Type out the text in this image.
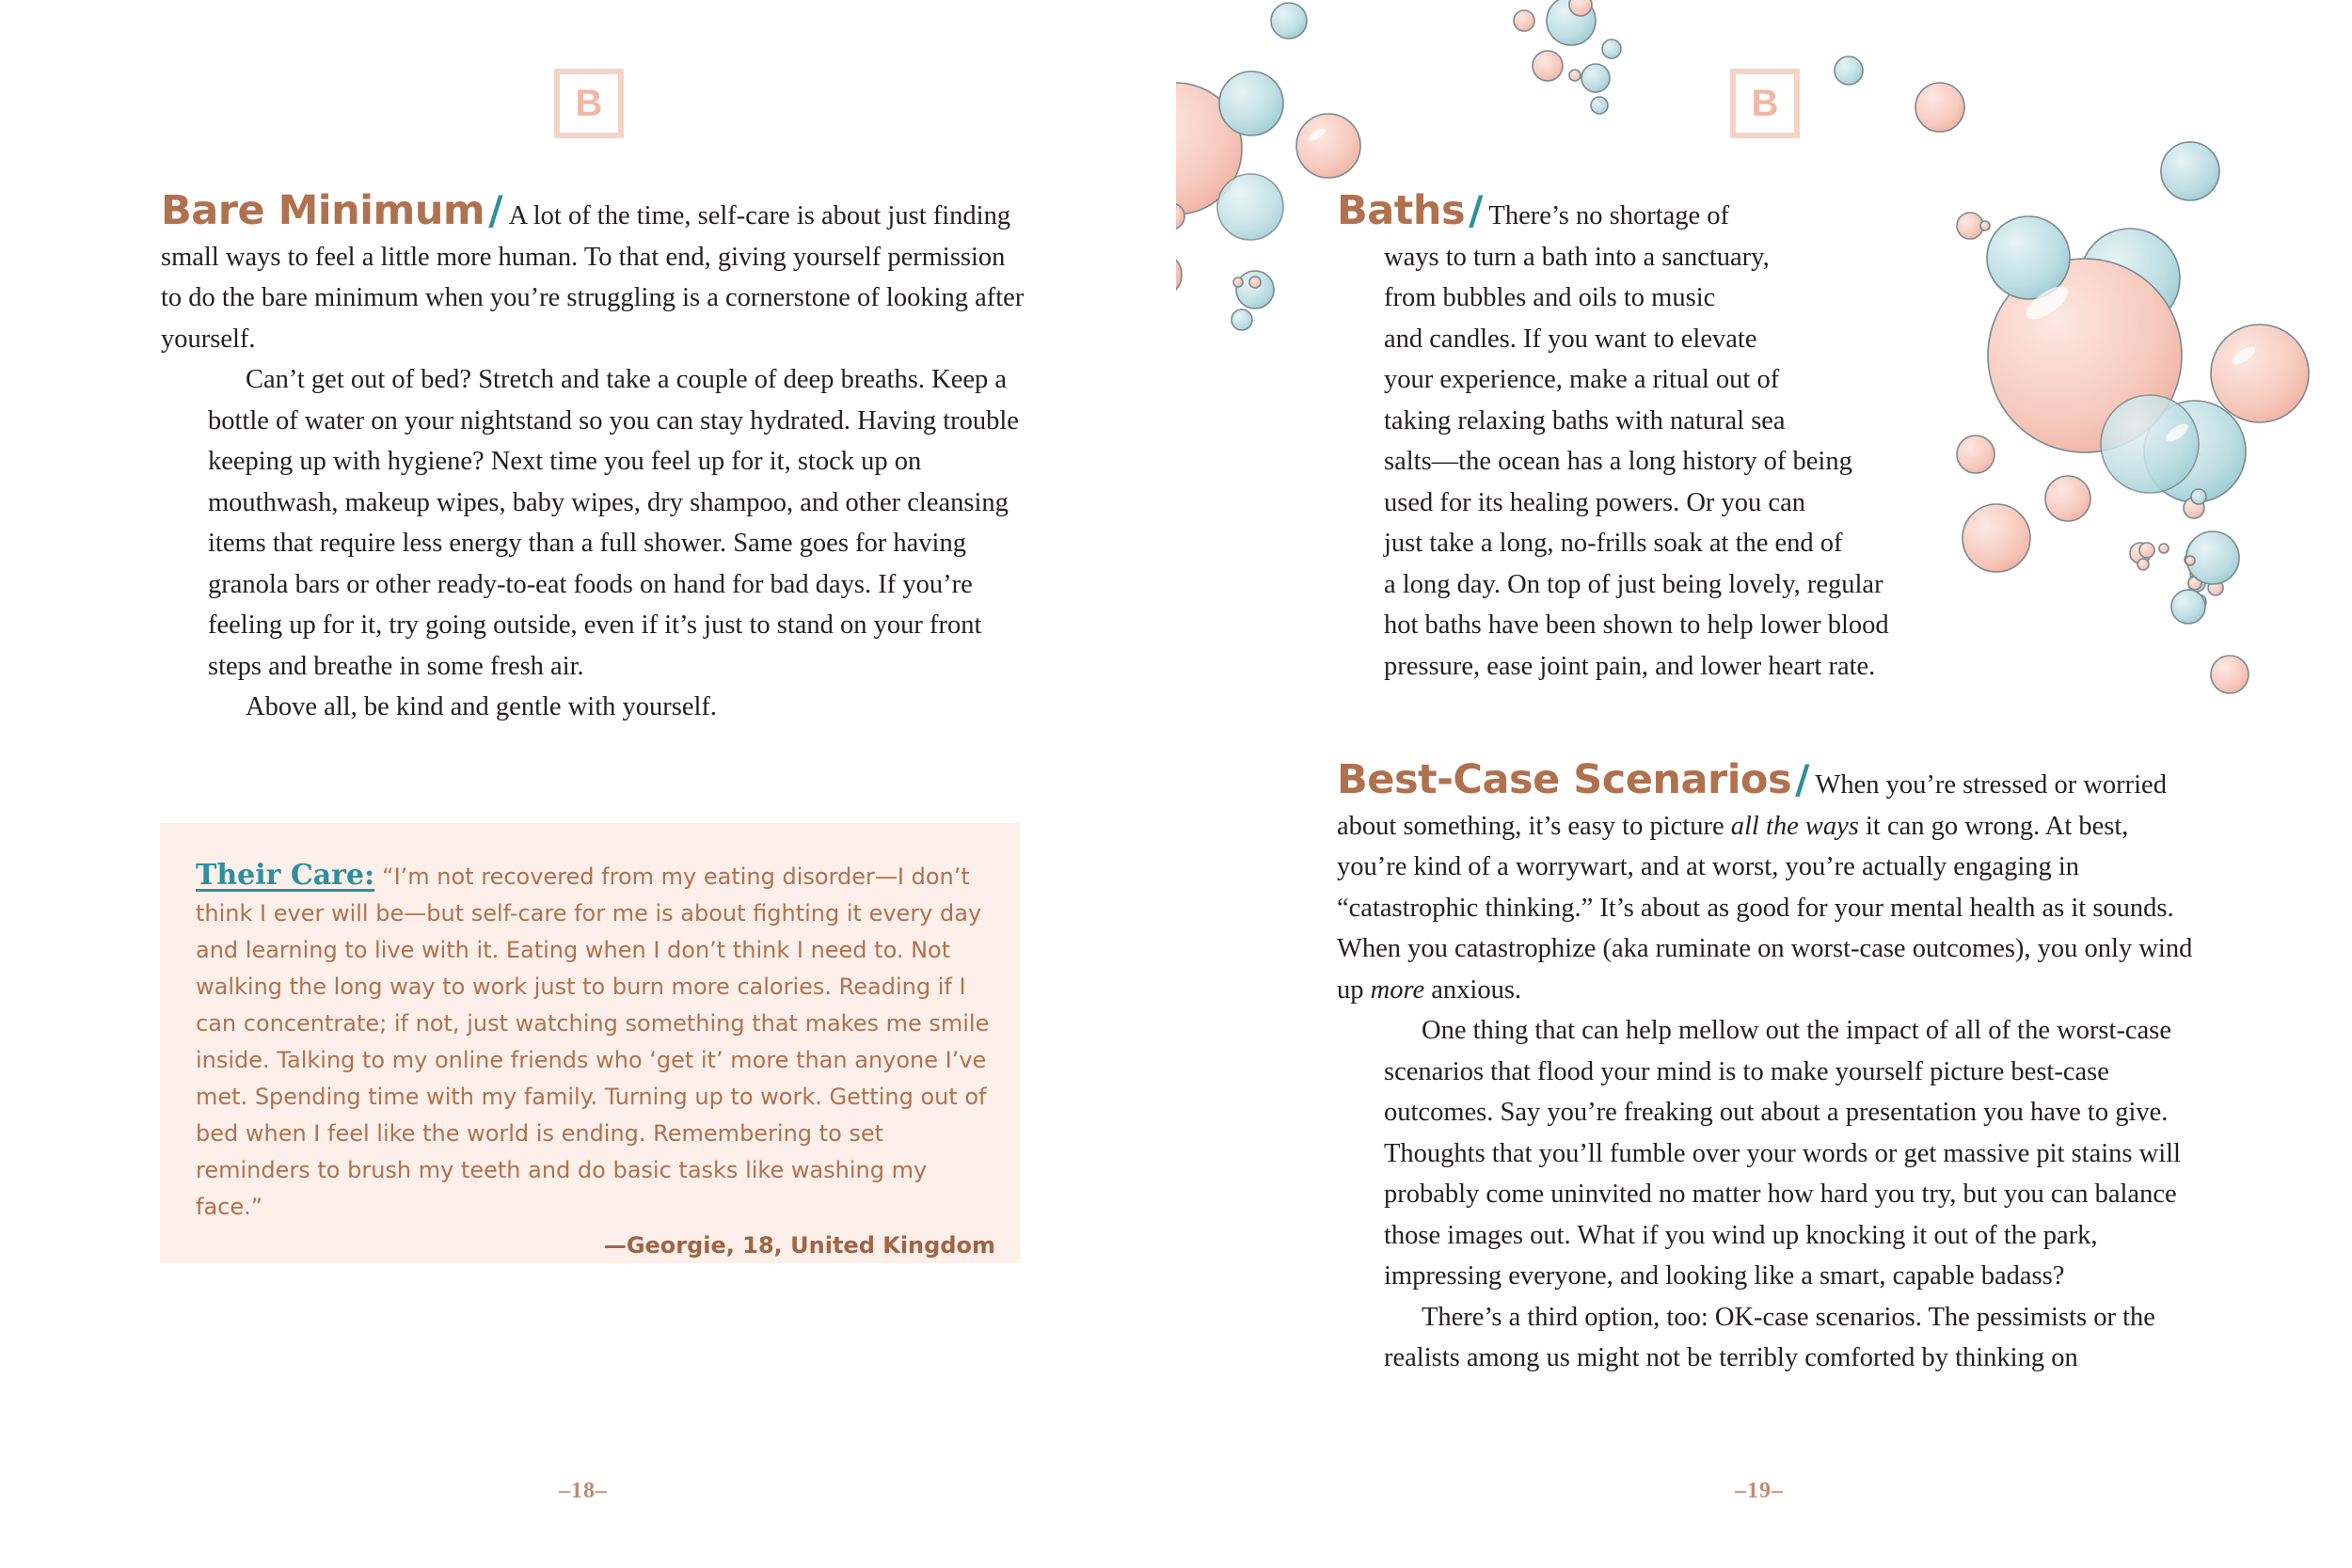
B

Bare Minimum/ A lot of the time, self-care is about just finding small ways to feel a little more human. To that end, giving yourself permission to do the bare minimum when you’re struggling is a cornerstone of looking after yourself.

Can’t get out of bed? Stretch and take a couple of deep breaths. Keep a bottle of water on your nightstand so you can stay hydrated. Having trouble keeping up with hygiene? Next time you feel up for it, stock up on mouthwash, makeup wipes, baby wipes, dry shampoo, and other cleansing items that require less energy than a full shower. Same goes for having granola bars or other ready-to-eat foods on hand for bad days. If you’re feeling up for it, try going outside, even if it’s just to stand on your front steps and breathe in some fresh air.

Above all, be kind and gentle with yourself.

Their Care: “I’m not recovered from my eating disorder—I don’t think I ever will be—but self-care for me is about fighting it every day and learning to live with it. Eating when I don’t think I need to. Not walking the long way to work just to burn more calories. Reading if I can concentrate; if not, just watching something that makes me smile inside. Talking to my online friends who ‘get it’ more than anyone I’ve met. Spending time with my family. Turning up to work. Getting out of bed when I feel like the world is ending. Remembering to set reminders to brush my teeth and do basic tasks like washing my face.”
—Georgie, 18, United Kingdom
–18–
B
Baths/ There’s no shortage of
ways to turn a bath into a sanctuary,
from bubbles and oils to music
and candles. If you want to elevate
your experience, make a ritual out of
taking relaxing baths with natural sea
salts—the ocean has a long history of being
used for its healing powers. Or you can
just take a long, no-frills soak at the end of
a long day. On top of just being lovely, regular
hot baths have been shown to help lower blood
pressure, ease joint pain, and lower heart rate.

Best-Case Scenarios/ When you’re stressed or worried about something, it’s easy to picture all the ways it can go wrong. At best, you’re kind of a worrywart, and at worst, you’re actually engaging in “catastrophic thinking.” It’s about as good for your mental health as it sounds. When you catastrophize (aka ruminate on worst-case outcomes), you only wind up more anxious.

One thing that can help mellow out the impact of all of the worst-case scenarios that flood your mind is to make yourself picture best-case outcomes. Say you’re freaking out about a presentation you have to give. Thoughts that you’ll fumble over your words or get massive pit stains will probably come uninvited no matter how hard you try, but you can balance those images out. What if you wind up knocking it out of the park, impressing everyone, and looking like a smart, capable badass?

There’s a third option, too: OK-case scenarios. The pessimists or the realists among us might not be terribly comforted by thinking on

–19–
